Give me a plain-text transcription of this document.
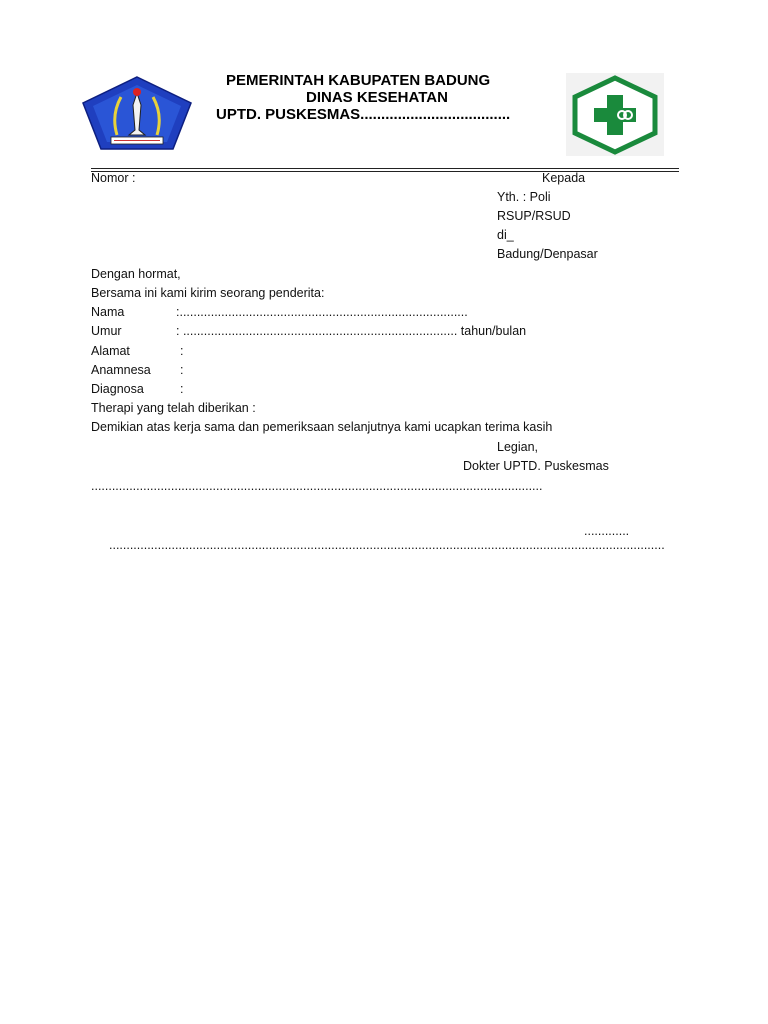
PEMERINTAH KABUPATEN BADUNG
DINAS KESEHATAN
UPTD. PUSKESMAS....................................
Nomor :	Kepada
Yth. : Poli
RSUP/RSUD
di_
Badung/Denpasar
Dengan hormat,
Bersama ini kami kirim seorang penderita:
Nama	:...................................................................................
Umur	: ............................................................................... tahun/bulan
Alamat	:
Anamnesa :
Diagnosa	:
Therapi yang telah diberikan :
Demikian atas kerja sama dan pemeriksaan selanjutnya kami ucapkan terima kasih
Legian,
Dokter UPTD. Puskesmas
..................................................................................................................................
.............
................................................................................................................................................................
